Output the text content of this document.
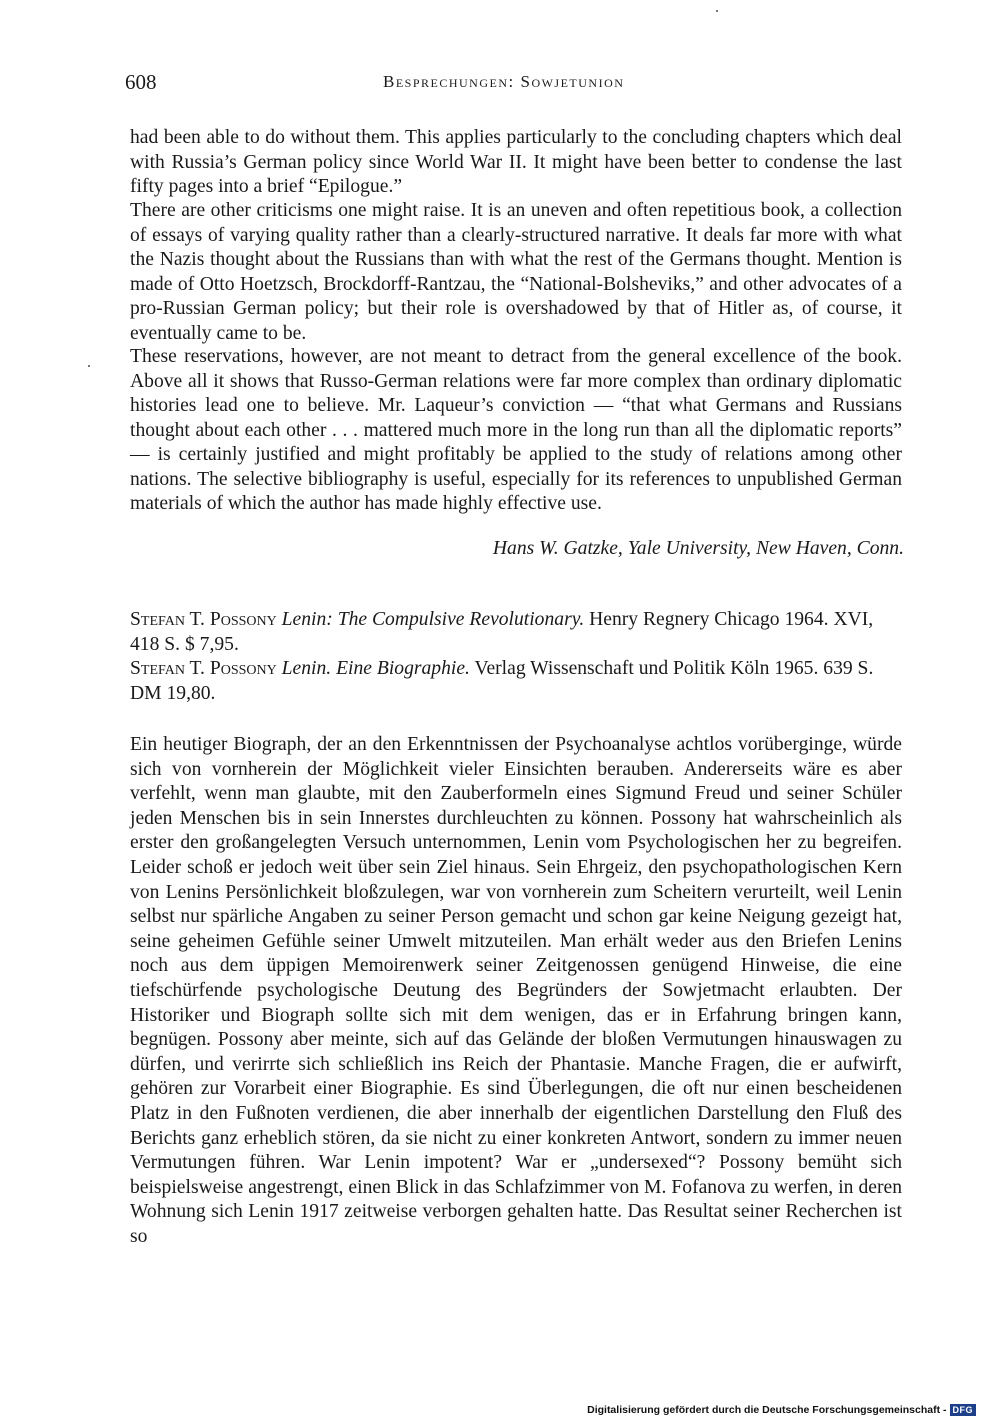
608	Besprechungen: Sowjetunion

had been able to do without them. This applies particularly to the concluding chapters which deal with Russia’s German policy since World War II. It might have been better to condense the last fifty pages into a brief “Epilogue.”

There are other criticisms one might raise. It is an uneven and often repetitious book, a collection of essays of varying quality rather than a clearly-structured narrative. It deals far more with what the Nazis thought about the Russians than with what the rest of the Germans thought. Mention is made of Otto Hoetzsch, Brockdorff-Rantzau, the “National-Bolsheviks,” and other advocates of a pro-Russian German policy; but their role is overshadowed by that of Hitler as, of course, it eventually came to be.

These reservations, however, are not meant to detract from the general excellence of the book. Above all it shows that Russo-German relations were far more complex than ordinary diplomatic histories lead one to believe. Mr. Laqueur’s conviction — “that what Germans and Russians thought about each other . . . mattered much more in the long run than all the diplomatic reports” — is certainly justified and might profitably be applied to the study of relations among other nations. The selective bibliography is useful, especially for its references to unpublished German materials of which the author has made highly effective use.

Hans W. Gatzke, Yale University, New Haven, Conn.
Stefan T. Possony Lenin: The Compulsive Revolutionary. Henry Regnery Chicago 1964. XVI, 418 S. $ 7,95.
Stefan T. Possony Lenin. Eine Biographie. Verlag Wissenschaft und Politik Köln 1965. 639 S. DM 19,80.

Ein heutiger Biograph, der an den Erkenntnissen der Psychoanalyse achtlos vorüberginge, würde sich von vornherein der Möglichkeit vieler Einsichten berauben. Andererseits wäre es aber verfehlt, wenn man glaubte, mit den Zauberformeln eines Sigmund Freud und seiner Schüler jeden Menschen bis in sein Innerstes durchleuchten zu können. Possony hat wahrscheinlich als erster den großangelegten Versuch unternommen, Lenin vom Psychologischen her zu begreifen. Leider schoß er jedoch weit über sein Ziel hinaus. Sein Ehrgeiz, den psychopathologischen Kern von Lenins Persönlichkeit bloßzulegen, war von vornherein zum Scheitern verurteilt, weil Lenin selbst nur spärliche Angaben zu seiner Person gemacht und schon gar keine Neigung gezeigt hat, seine geheimen Gefühle seiner Umwelt mitzuteilen. Man erhält weder aus den Briefen Lenins noch aus dem üppigen Memoirenwerk seiner Zeitgenossen genügend Hinweise, die eine tiefschürfende psychologische Deutung des Begründers der Sowjetmacht erlaubten. Der Historiker und Biograph sollte sich mit dem wenigen, das er in Erfahrung bringen kann, begnügen. Possony aber meinte, sich auf das Gelände der bloßen Vermutungen hinauswagen zu dürfen, und verirrte sich schließlich ins Reich der Phantasie. Manche Fragen, die er aufwirft, gehören zur Vorarbeit einer Biographie. Es sind Überlegungen, die oft nur einen bescheidenen Platz in den Fußnoten verdienen, die aber innerhalb der eigentlichen Darstellung den Fluß des Berichts ganz erheblich stören, da sie nicht zu einer konkreten Antwort, sondern zu immer neuen Vermutungen führen. War Lenin impotent? War er „undersexed“? Possony bemüht sich beispielsweise angestrengt, einen Blick in das Schlafzimmer von M. Fofanova zu werfen, in deren Wohnung sich Lenin 1917 zeitweise verborgen gehalten hatte. Das Resultat seiner Recherchen ist so

Digitalisierung gefördert durch die Deutsche Forschungsgemeinschaft - DFG
